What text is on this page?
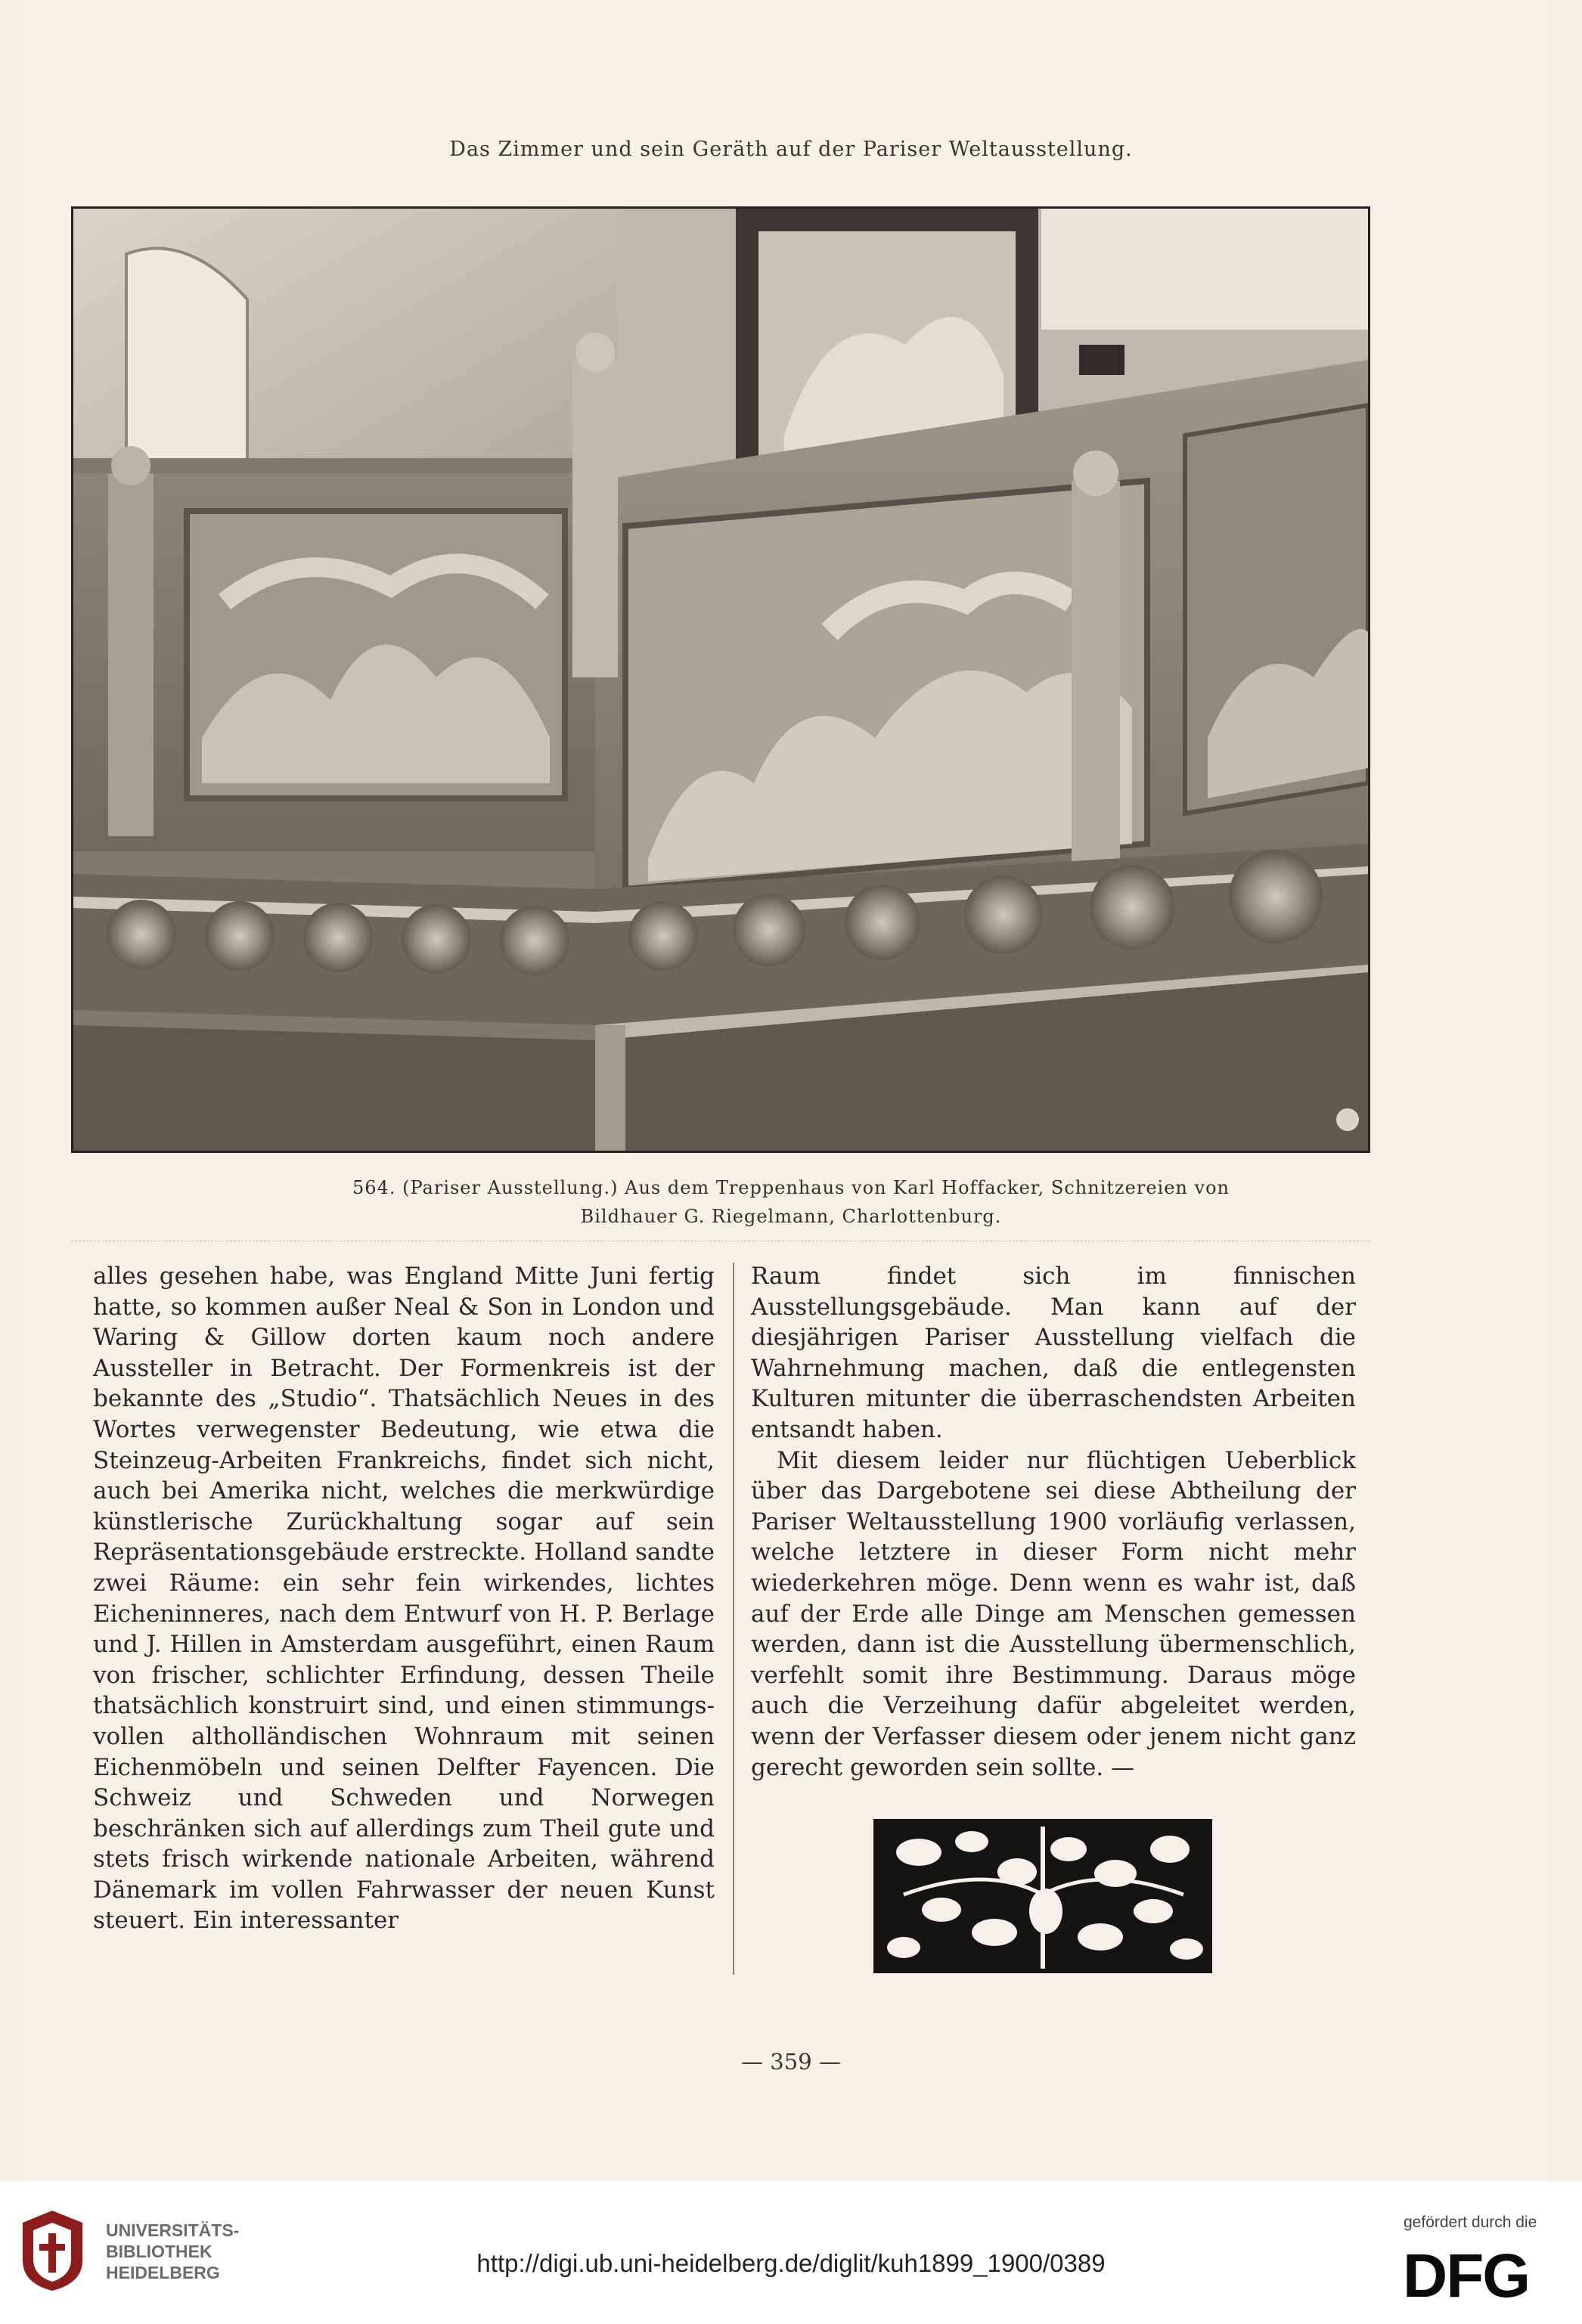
Das Zimmer und sein Geräth auf der Pariser Weltausstellung.
564. (Pariser Ausstellung.) Aus dem Treppenhaus von Karl Hoffacker, Schnitzereien von
Bildhauer G. Riegelmann, Charlottenburg.

alles gesehen habe, was England Mitte Juni fertig hatte, so kommen außer Neal & Son in London und Waring & Gillow dorten kaum noch andere Aussteller in Betracht. Der Formenkreis ist der bekannte des „Studio“. Thatsächlich Neues in des Wortes verwegenster Bedeutung, wie etwa die Steinzeug-Arbeiten Frankreichs, findet sich nicht, auch bei Amerika nicht, welches die merkwürdige künstlerische Zurückhaltung sogar auf sein Repräsentationsgebäude erstreckte. Holland sandte zwei Räume: ein sehr fein wirkendes, lichtes Eicheninneres, nach dem Entwurf von H. P. Berlage und J. Hillen in Amsterdam ausgeführt, einen Raum von frischer, schlichter Erfindung, dessen Theile thatsächlich konstruirt sind, und einen stimmungsvollen altholländischen Wohnraum mit seinen Eichenmöbeln und seinen Delfter Fayencen. Die Schweiz und Schweden und Norwegen beschränken sich auf allerdings zum Theil gute und stets frisch wirkende nationale Arbeiten, während Dänemark im vollen Fahrwasser der neuen Kunst steuert. Ein interessanter

Raum findet sich im finnischen Ausstellungsgebäude. Man kann auf der diesjährigen Pariser Ausstellung vielfach die Wahrnehmung machen, daß die entlegensten Kulturen mitunter die überraschendsten Arbeiten entsandt haben.

Mit diesem leider nur flüchtigen Ueberblick über das Dargebotene sei diese Abtheilung der Pariser Weltausstellung 1900 vorläufig verlassen, welche letztere in dieser Form nicht mehr wiederkehren möge. Denn wenn es wahr ist, daß auf der Erde alle Dinge am Menschen gemessen werden, dann ist die Ausstellung übermenschlich, verfehlt somit ihre Bestimmung. Daraus möge auch die Verzeihung dafür abgeleitet werden, wenn der Verfasser diesem oder jenem nicht ganz gerecht geworden sein sollte. —

— 359 —
UNIVERSITÄTS-
BIBLIOTHEK
HEIDELBERG	http://digi.ub.uni-heidelberg.de/diglit/kuh1899_1900/0389
gefördert durch die
DFG
